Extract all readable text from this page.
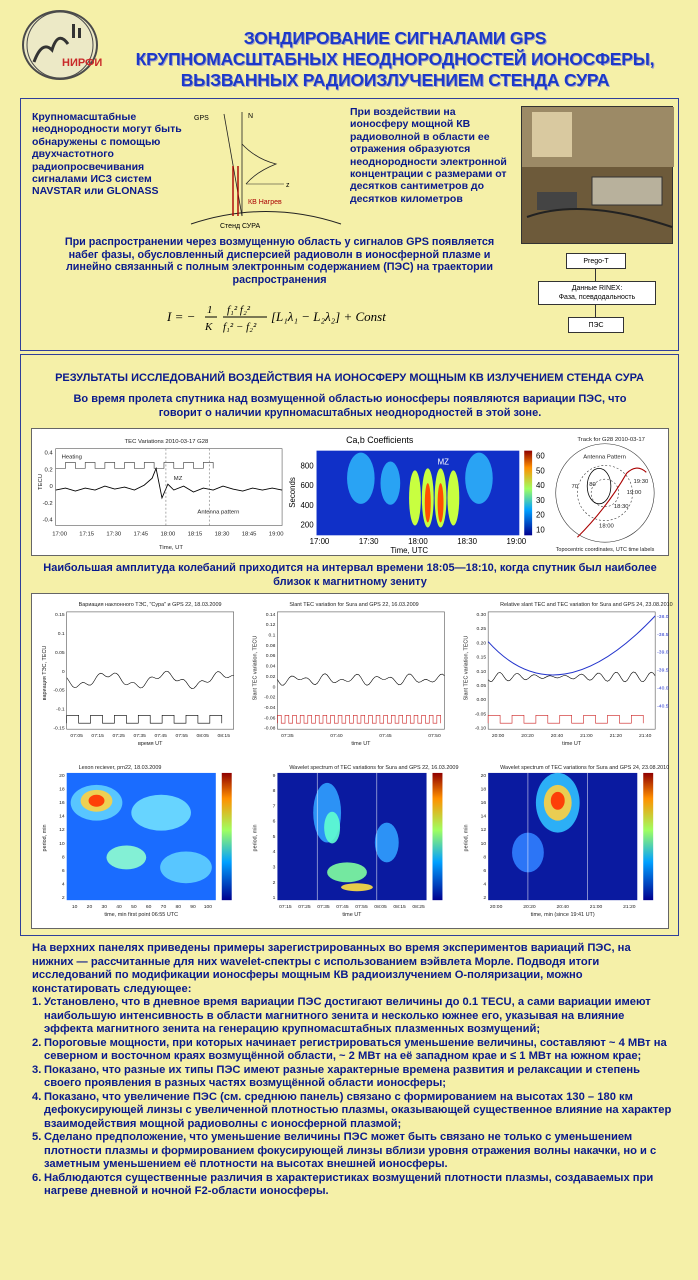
НИРФИ
ЗОНДИРОВАНИЕ СИГНАЛАМИ GPS
КРУПНОМАСШТАБНЫХ НЕОДНОРОДНОСТЕЙ ИОНОСФЕРЫ,
ВЫЗВАННЫХ РАДИОИЗЛУЧЕНИЕМ СТЕНДА СУРА
Крупномасштабные неоднородности могут быть обнаружены с помощью двухчастотного радиопросвечивания сигналами ИСЗ систем NAVSTAR или GLONASS
GPS	N
z
КВ Нагрев
Стенд СУРА
При воздействии на ионосферу мощной КВ радиоволной в области ее отражения образуются неоднородности электронной концентрации с размерами от десятков сантиметров до десятков километров
При распространении через возмущенную область у сигналов GPS появляется набег фазы, обусловленный дисперсией радиоволн в ионосферной плазме и линейно связанный с полным электронным содержанием (ПЭС) на траектории распространения
I = − 1
K
f₁² f₂²
f₁² − f₂²
[L₁λ₁ − L₂λ₂] + Const
Prego-T
Данные RINEX:
Фаза, псевдодальность
ПЭС
РЕЗУЛЬТАТЫ ИССЛЕДОВАНИЙ ВОЗДЕЙСТВИЯ НА ИОНОСФЕРУ МОЩНЫМ КВ ИЗЛУЧЕНИЕМ СТЕНДА СУРА
Во время пролета спутника над возмущенной областью ионосферы появляются вариации ПЭС, что говорит о наличии крупномасштабных неоднородностей в этой зоне.
TEC Variations 2010-03-17 G28
TECU
0.4
0.2
0
-0.2
-0.4
17:00 17:15 17:30 17:45 18:00 18:15 18:30 18:45 19:00
Heating
MZ
Antenna pattern
Time, UT
Ca,b Coefficients
MZ
60
50
40
30
20
10
Seconds
800
600
400
200
17:00	17:30	18:00	18:30	19:00
Time, UTC
Track for G28 2010-03-17
Antenna Pattern
70 80	19:30
19:00
18:30
18:00
Topocentric coordinates, UTC time labels
Наибольшая амплитуда колебаний приходится на интервал времени 18:05—18:10, когда спутник был наиболее близок к магнитному зениту
Вариация наклонного ТЭС, "Сура" и GPS 22, 18.03.2009
вариация ТЭС, TECU
0.15
0.1
0.05
0
-0.05
-0.1
-0.15
07:05 07:15 07:25 07:35 07:45 07:55 08:05 08:15
время UT
Slant TEC variation for Sura and GPS 22, 16.03.2009
Slant TEC variation, TECU
0.14
0.12
0.1
0.08
0.06
0.04
0.02
0
-0.02
-0.04
-0.06
-0.08
07:35	07:40	07:45	07:50
time UT
Relative slant TEC and TEC variation for Sura and GPS 24, 23.08.2010
Slant TEC variation, TECU
0.30
0.25
0.20
0.15
0.10
0.05
0.00
-0.05
-0.10
20:00	20:20	20:40	21:00	21:20	21:40
time UT
-38.0
-38.5
-39.0
-39.5
-40.0
-40.5
Lexon reciever, prn22, 18.03.2009
period, min
20
18
16
14
12
10
8
6
4
2
10 20 30 40 50 60 70 80 90 100
time, min first point 06:55 UTC
Wavelet spectrum of TEC variations for Sura and GPS 22, 16.03.2009
period, min
9
8
7
6
5
4
3
2
1
07:15 07:25 07:35 07:45 07:55 08:05 08:15 08:25
time UT
Wavelet spectrum of TEC variations for Sura and GPS 24, 23.08.2010
period, min
20
18
16
14
12
10
8
6
4
2
20:00	20:20	20:40	21:00	21:20
time, min (since 19:41 UT)
На верхних панелях приведены примеры зарегистрированных во время экспериментов вариаций ПЭС, на нижних — рассчитанные для них wavelet-спектры с использованием вэйвлета Морле. Подводя итоги исследований по модификации ионосферы мощным КВ радиоизлучением О-поляризации, можно констатировать следующее:
1. Установлено, что в дневное время вариации ПЭС достигают величины до 0.1 TECU, а сами вариации имеют наибольшую интенсивность в области магнитного зенита и несколько южнее его, указывая на влияние эффекта магнитного зенита на генерацию крупномасштабных плазменных возмущений;
2. Пороговые мощности, при которых начинает регистрироваться уменьшение величины, составляют ~ 4 МВт на северном и восточном краях возмущённой области, ~ 2 МВт на её западном крае и ≤ 1 МВт на южном крае;
3. Показано, что разные их типы ПЭС имеют разные характерные времена развития и релаксации и степень своего проявления в разных частях возмущённой области ионосферы;
4. Показано, что увеличение ПЭС (см. среднюю панель) связано с формированием на высотах 130 – 180 км дефокусирующей линзы с увеличенной плотностью плазмы, оказывающей существенное влияние на характер взаимодействия мощной радиоволны с ионосферной плазмой;
5. Сделано предположение, что уменьшение величины ПЭС может быть связано не только с уменьшением плотности плазмы и формированием фокусирующей линзы вблизи уровня отражения волны накачки, но и с заметным уменьшением её плотности на высотах внешней ионосферы.
6. Наблюдаются существенные различия в характеристиках возмущений плотности плазмы, создаваемых при нагреве дневной и ночной F2-области ионосферы.
